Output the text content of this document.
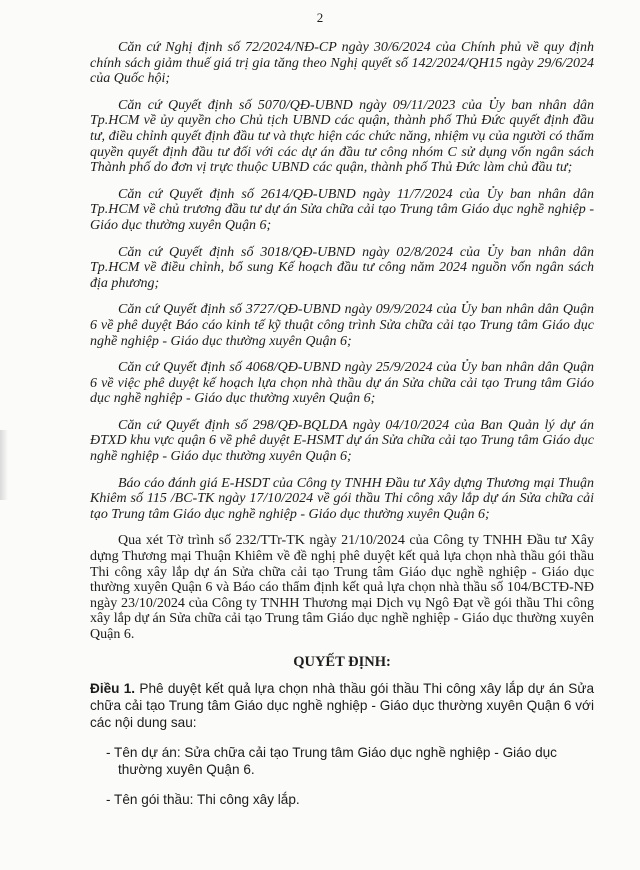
2

Căn cứ Nghị định số 72/2024/NĐ-CP ngày 30/6/2024 của Chính phủ về quy định chính sách giảm thuế giá trị gia tăng theo Nghị quyết số 142/2024/QH15 ngày 29/6/2024 của Quốc hội;

Căn cứ Quyết định số 5070/QĐ-UBND ngày 09/11/2023 của Ủy ban nhân dân Tp.HCM về ủy quyền cho Chủ tịch UBND các quận, thành phố Thủ Đức quyết định đầu tư, điều chỉnh quyết định đầu tư và thực hiện các chức năng, nhiệm vụ của người có thẩm quyền quyết định đầu tư đối với các dự án đầu tư công nhóm C sử dụng vốn ngân sách Thành phố do đơn vị trực thuộc UBND các quận, thành phố Thủ Đức làm chủ đầu tư;

Căn cứ Quyết định số 2614/QĐ-UBND ngày 11/7/2024 của Ủy ban nhân dân Tp.HCM về chủ trương đầu tư dự án Sửa chữa cải tạo Trung tâm Giáo dục nghề nghiệp - Giáo dục thường xuyên Quận 6;

Căn cứ Quyết định số 3018/QĐ-UBND ngày 02/8/2024 của Ủy ban nhân dân Tp.HCM về điều chỉnh, bổ sung Kế hoạch đầu tư công năm 2024 nguồn vốn ngân sách địa phương;

Căn cứ Quyết định số 3727/QĐ-UBND ngày 09/9/2024 của Ủy ban nhân dân Quận 6 về phê duyệt Báo cáo kinh tế kỹ thuật công trình Sửa chữa cải tạo Trung tâm Giáo dục nghề nghiệp - Giáo dục thường xuyên Quận 6;

Căn cứ Quyết định số 4068/QĐ-UBND ngày 25/9/2024 của Ủy ban nhân dân Quận 6 về việc phê duyệt kế hoạch lựa chọn nhà thầu dự án Sửa chữa cải tạo Trung tâm Giáo dục nghề nghiệp - Giáo dục thường xuyên Quận 6;

Căn cứ Quyết định số 298/QĐ-BQLDA ngày 04/10/2024 của Ban Quản lý dự án ĐTXD khu vực quận 6 về phê duyệt E-HSMT dự án Sửa chữa cải tạo Trung tâm Giáo dục nghề nghiệp - Giáo dục thường xuyên Quận 6;

Báo cáo đánh giá E-HSDT của Công ty TNHH Đầu tư Xây dựng Thương mại Thuận Khiêm số 115 /BC-TK ngày 17/10/2024 về gói thầu Thi công xây lắp dự án Sửa chữa cải tạo Trung tâm Giáo dục nghề nghiệp - Giáo dục thường xuyên Quận 6;

Qua xét Tờ trình số 232/TTr-TK ngày 21/10/2024 của Công ty TNHH Đầu tư Xây dựng Thương mại Thuận Khiêm về đề nghị phê duyệt kết quả lựa chọn nhà thầu gói thầu Thi công xây lắp dự án Sửa chữa cải tạo Trung tâm Giáo dục nghề nghiệp - Giáo dục thường xuyên Quận 6 và Báo cáo thẩm định kết quả lựa chọn nhà thầu số 104/BCTĐ-NĐ ngày 23/10/2024 của Công ty TNHH Thương mại Dịch vụ Ngô Đạt về gói thầu Thi công xây lắp dự án Sửa chữa cải tạo Trung tâm Giáo dục nghề nghiệp - Giáo dục thường xuyên Quận 6.

QUYẾT ĐỊNH:

Điều 1. Phê duyệt kết quả lựa chọn nhà thầu gói thầu Thi công xây lắp dự án Sửa chữa cải tạo Trung tâm Giáo dục nghề nghiệp - Giáo dục thường xuyên Quận 6 với các nội dung sau:

- Tên dự án: Sửa chữa cải tạo Trung tâm Giáo dục nghề nghiệp - Giáo dục thường xuyên Quận 6.

- Tên gói thầu: Thi công xây lắp.
